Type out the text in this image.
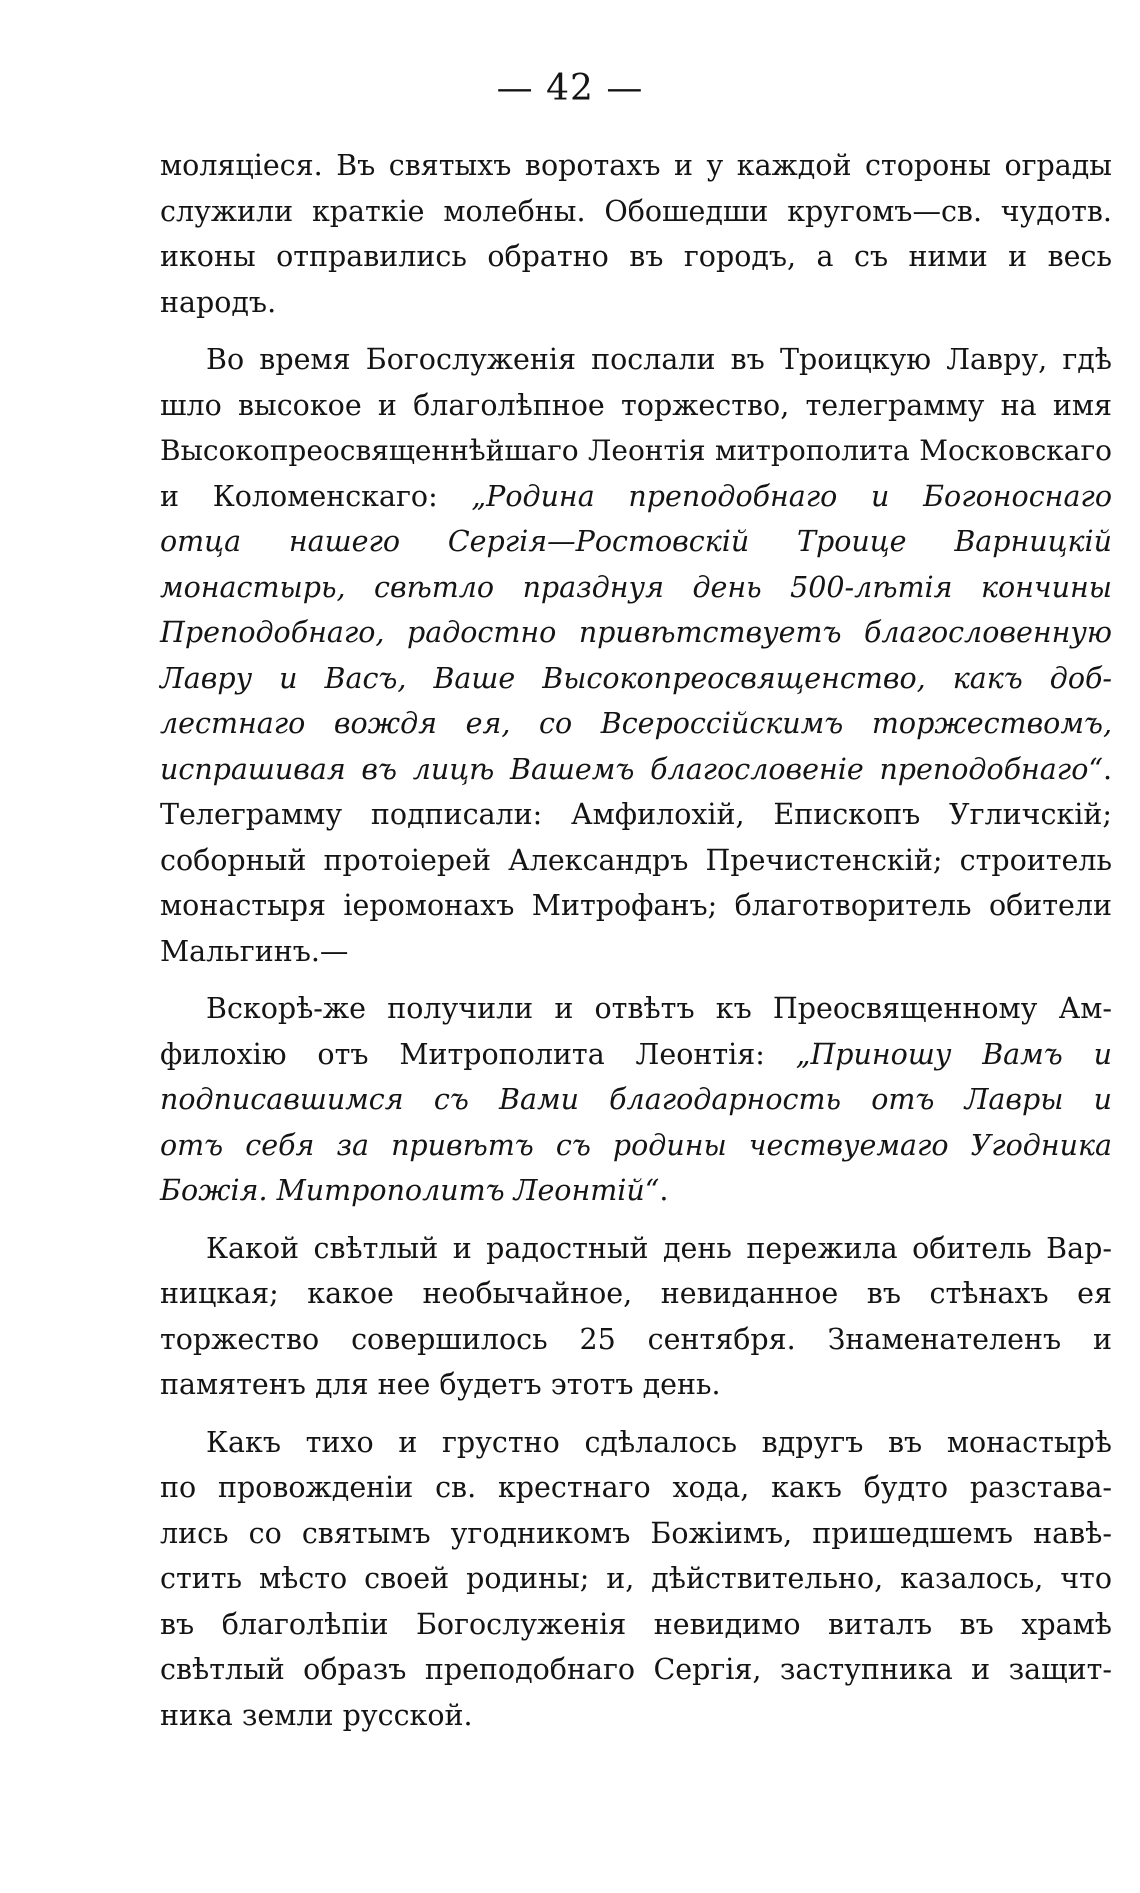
— 42 —
моляціеся. Въ святыхъ воротахъ и у каждой стороны ограды
служили краткіе молебны. Обошедши кругомъ—св. чудотв.
иконы отправились обратно въ городъ, а съ ними и весь
народъ.
Во время Богослуженія послали въ Троицкую Лавру, гдѣ
шло высокое и благолѣпное торжество, телеграмму на имя
Высокопреосвященнѣйшаго Леонтія митрополита Московскаго
и Коломенскаго: „Родина преподобнаго и Богоноснаго
отца нашего Сергія—Ростовскій Троице Варницкій
монастырь, свѣтло празднуя день 500-лѣтія кончины
Преподобнаго, радостно привѣтствуетъ благословенную
Лавру и Васъ, Ваше Высокопреосвященство, какъ доб-
лестнаго вождя ея, со Всероссійскимъ торжествомъ,
испрашивая въ лицѣ Вашемъ благословеніе преподобнаго“.
Телеграмму подписали: Амфилохій, Епископъ Угличскій;
соборный протоіерей Александръ Пречистенскій; строитель
монастыря іеромонахъ Митрофанъ; благотворитель обители
Мальгинъ.—
Вскорѣ-же получили и отвѣтъ къ Преосвященному Ам-
филохію отъ Митрополита Леонтія: „Приношу Вамъ и
подписавшимся съ Вами благодарность отъ Лавры и
отъ себя за привѣтъ съ родины чествуемаго Угодника
Божія. Митрополитъ Леонтій“.
Какой свѣтлый и радостный день пережила обитель Вар-
ницкая; какое необычайное, невиданное въ стѣнахъ ея
торжество совершилось 25 сентября. Знаменателенъ и
памятенъ для нее будетъ этотъ день.
Какъ тихо и грустно сдѣлалось вдругъ въ монастырѣ
по провожденіи св. крестнаго хода, какъ будто разстава-
лись со святымъ угодникомъ Божіимъ, пришедшемъ навѣ-
стить мѣсто своей родины; и, дѣйствительно, казалось, что
въ благолѣпіи Богослуженія невидимо виталъ въ храмѣ
свѣтлый образъ преподобнаго Сергія, заступника и защит-
ника земли русской.
